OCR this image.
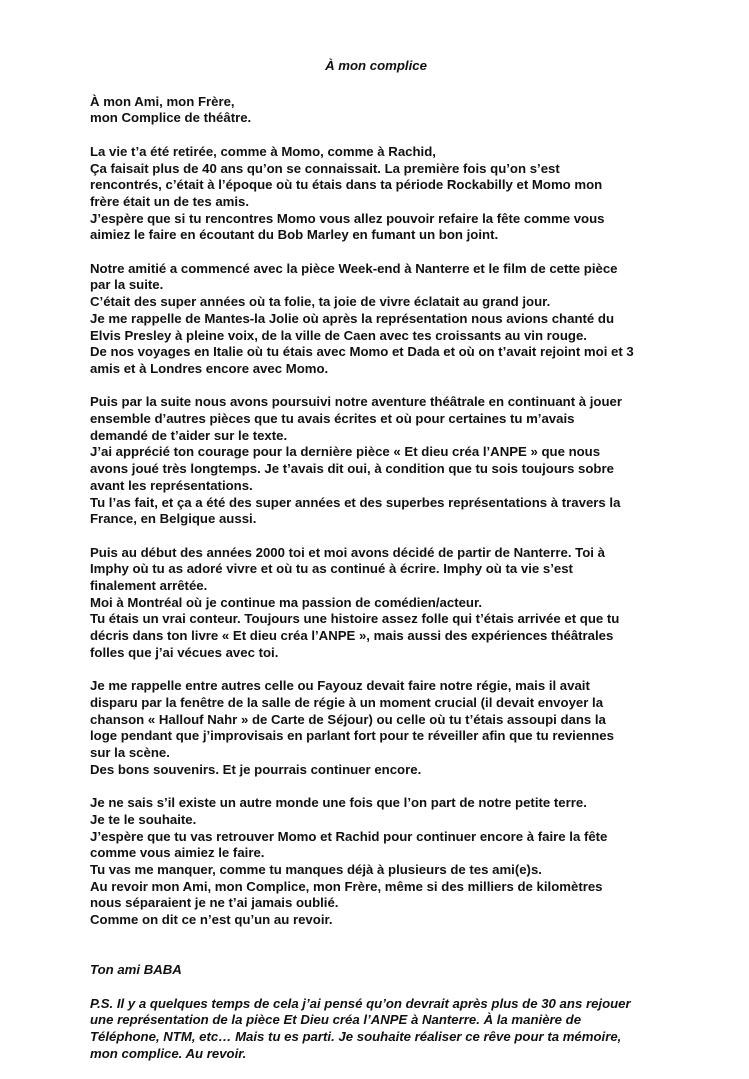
À mon complice
À mon Ami, mon Frère,
mon Complice de théâtre.
La vie t’a été retirée, comme à Momo, comme à Rachid,
Ça faisait plus de 40 ans qu’on se connaissait. La première fois qu’on s’est
rencontrés, c’était à l’époque où tu étais dans ta période Rockabilly et Momo mon
frère était un de tes amis.
J’espère que si tu rencontres Momo vous allez pouvoir refaire la fête comme vous
aimiez le faire en écoutant du Bob Marley en fumant un bon joint.
Notre amitié a commencé avec la pièce Week-end à Nanterre et le film de cette pièce
par la suite.
C’était des super années où ta folie, ta joie de vivre éclatait au grand jour.
Je me rappelle de Mantes-la Jolie où après la représentation nous avions chanté du
Elvis Presley à pleine voix, de la ville de Caen avec tes croissants au vin rouge.
De nos voyages en Italie où tu étais avec Momo et Dada et où on t’avait rejoint moi et 3
amis et à Londres encore avec Momo.
Puis par la suite nous avons poursuivi notre aventure théâtrale en continuant à jouer
ensemble d’autres pièces que tu avais écrites et où pour certaines tu m’avais
demandé de t’aider sur le texte.
J’ai apprécié ton courage pour la dernière pièce « Et dieu créa l’ANPE » que nous
avons joué très longtemps. Je t’avais dit oui, à condition que tu sois toujours sobre
avant les représentations.
Tu l’as fait, et ça a été des super années et des superbes représentations à travers la
France, en Belgique aussi.
Puis au début des années 2000 toi et moi avons décidé de partir de Nanterre. Toi à
Imphy où tu as adoré vivre et où tu as continué à écrire. Imphy où ta vie s’est
finalement arrêtée.
Moi à Montréal où je continue ma passion de comédien/acteur.
Tu étais un vrai conteur. Toujours une histoire assez folle qui t’étais arrivée et que tu
décris dans ton livre « Et dieu créa l’ANPE », mais aussi des expériences théâtrales
folles que j’ai vécues avec toi.
Je me rappelle entre autres celle ou Fayouz devait faire notre régie, mais il avait
disparu par la fenêtre de la salle de régie à un moment crucial (il devait envoyer la
chanson « Hallouf Nahr » de Carte de Séjour) ou celle où tu t’étais assoupi dans la
loge pendant que j’improvisais en parlant fort pour te réveiller afin que tu reviennes
sur la scène.
Des bons souvenirs. Et je pourrais continuer encore.
Je ne sais s’il existe un autre monde une fois que l’on part de notre petite terre.
Je te le souhaite.
J’espère que tu vas retrouver Momo et Rachid pour continuer encore à faire la fête
comme vous aimiez le faire.
Tu vas me manquer, comme tu manques déjà à plusieurs de tes ami(e)s.
Au revoir mon Ami, mon Complice, mon Frère, même si des milliers de kilomètres
nous séparaient je ne t’ai jamais oublié.
Comme on dit ce n’est qu’un au revoir.
Ton ami BABA
P.S. Il y a quelques temps de cela j’ai pensé qu’on devrait après plus de 30 ans rejouer
une représentation de la pièce Et Dieu créa l’ANPE à Nanterre. À la manière de
Téléphone, NTM, etc… Mais tu es parti. Je souhaite réaliser ce rêve pour ta mémoire,
mon complice. Au revoir.
